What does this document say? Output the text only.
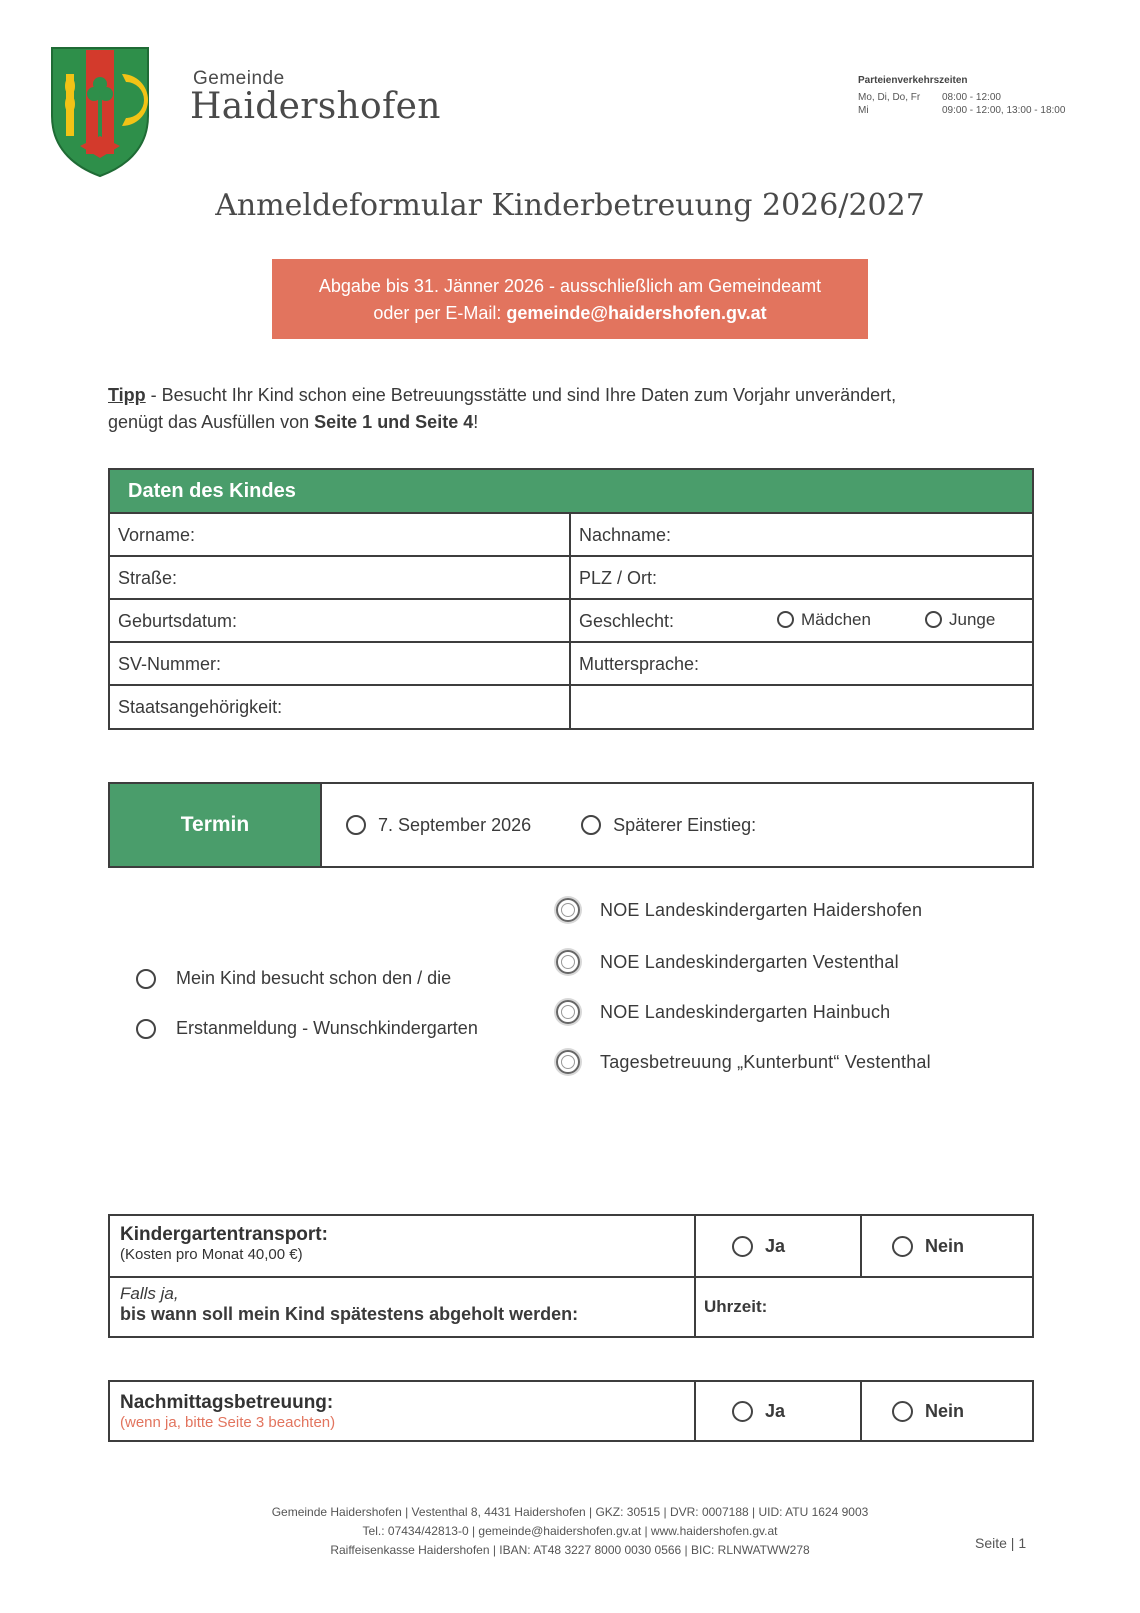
Gemeinde
Haidershofen
Parteienverkehrszeiten
Mo, Di, Do, Fr	08:00 - 12:00
Mi	09:00 - 12:00, 13:00 - 18:00
Anmeldeformular Kinderbetreuung 2026/2027
Abgabe bis 31. Jänner 2026 - ausschließlich am Gemeindeamt
oder per E-Mail: gemeinde@haidershofen.gv.at
Tipp - Besucht Ihr Kind schon eine Betreuungsstätte und sind Ihre Daten zum Vorjahr unverändert,
genügt das Ausfüllen von Seite 1 und Seite 4!
Daten des Kindes
Vorname:	Nachname:
Straße:	PLZ / Ort:
Geburtsdatum:	Geschlecht:	Mädchen	Junge
SV-Nummer:	Muttersprache:
Staatsangehörigkeit:
Termin	7. September 2026	Späterer Einstieg:
Mein Kind besucht schon den / die
Erstanmeldung - Wunschkindergarten
NOE Landeskindergarten Haidershofen
NOE Landeskindergarten Vestenthal
NOE Landeskindergarten Hainbuch
Tagesbetreuung „Kunterbunt“ Vestenthal
Kindergartentransport:
(Kosten pro Monat 40,00 €)	Ja	Nein
Falls ja,
bis wann soll mein Kind spätestens abgeholt werden:	Uhrzeit:
Nachmittagsbetreuung:
(wenn ja, bitte Seite 3 beachten)
Ja	Nein
Gemeinde Haidershofen | Vestenthal 8, 4431 Haidershofen | GKZ: 30515 | DVR: 0007188 | UID: ATU 1624 9003
Tel.: 07434/42813-0 | gemeinde@haidershofen.gv.at | www.haidershofen.gv.at
Raiffeisenkasse Haidershofen | IBAN: AT48 3227 8000 0030 0566 | BIC: RLNWATWW278	Seite | 1
